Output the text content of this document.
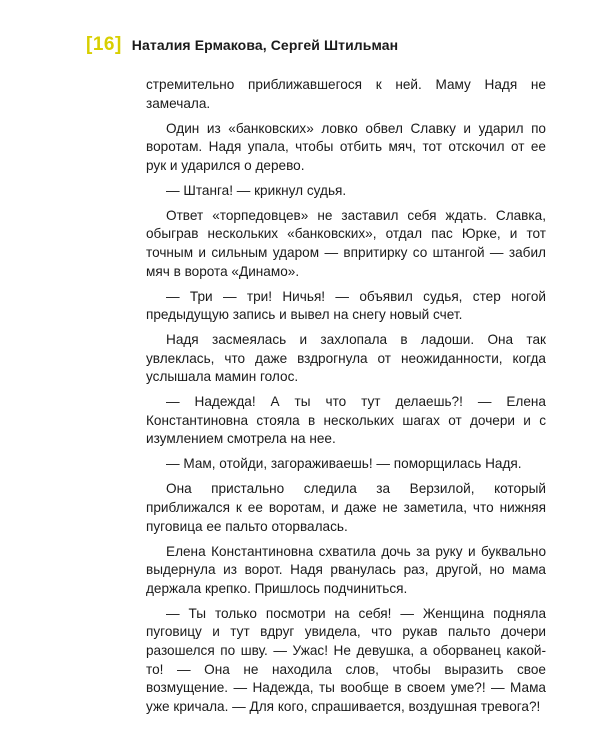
[16] Наталия Ермакова, Сергей Штильман

стремительно приближавшегося к ней. Маму Надя не замечала.

Один из «банковских» ловко обвел Славку и ударил по воротам. Надя упала, чтобы отбить мяч, тот отскочил от ее рук и ударился о дерево.

— Штанга! — крикнул судья.

Ответ «торпедовцев» не заставил себя ждать. Славка, обыграв нескольких «банковских», отдал пас Юрке, и тот точным и сильным ударом — впритирку со штангой — забил мяч в ворота «Динамо».

— Три — три! Ничья! — объявил судья, стер ногой предыдущую запись и вывел на снегу новый счет.

Надя засмеялась и захлопала в ладоши. Она так увлеклась, что даже вздрогнула от неожиданности, когда услышала мамин голос.

— Надежда! А ты что тут делаешь?! — Елена Константиновна стояла в нескольких шагах от дочери и с изумлением смотрела на нее.

— Мам, отойди, загораживаешь! — поморщилась Надя.

Она пристально следила за Верзилой, который приближался к ее воротам, и даже не заметила, что нижняя пуговица ее пальто оторвалась.

Елена Константиновна схватила дочь за руку и буквально выдернула из ворот. Надя рванулась раз, другой, но мама держала крепко. Пришлось подчиниться.

— Ты только посмотри на себя! — Женщина подняла пуговицу и тут вдруг увидела, что рукав пальто дочери разошелся по шву. — Ужас! Не девушка, а оборванец какой-то! — Она не находила слов, чтобы выразить свое возмущение. — Надежда, ты вообще в своем уме?! — Мама уже кричала. — Для кого, спрашивается, воздушная тревога?!
